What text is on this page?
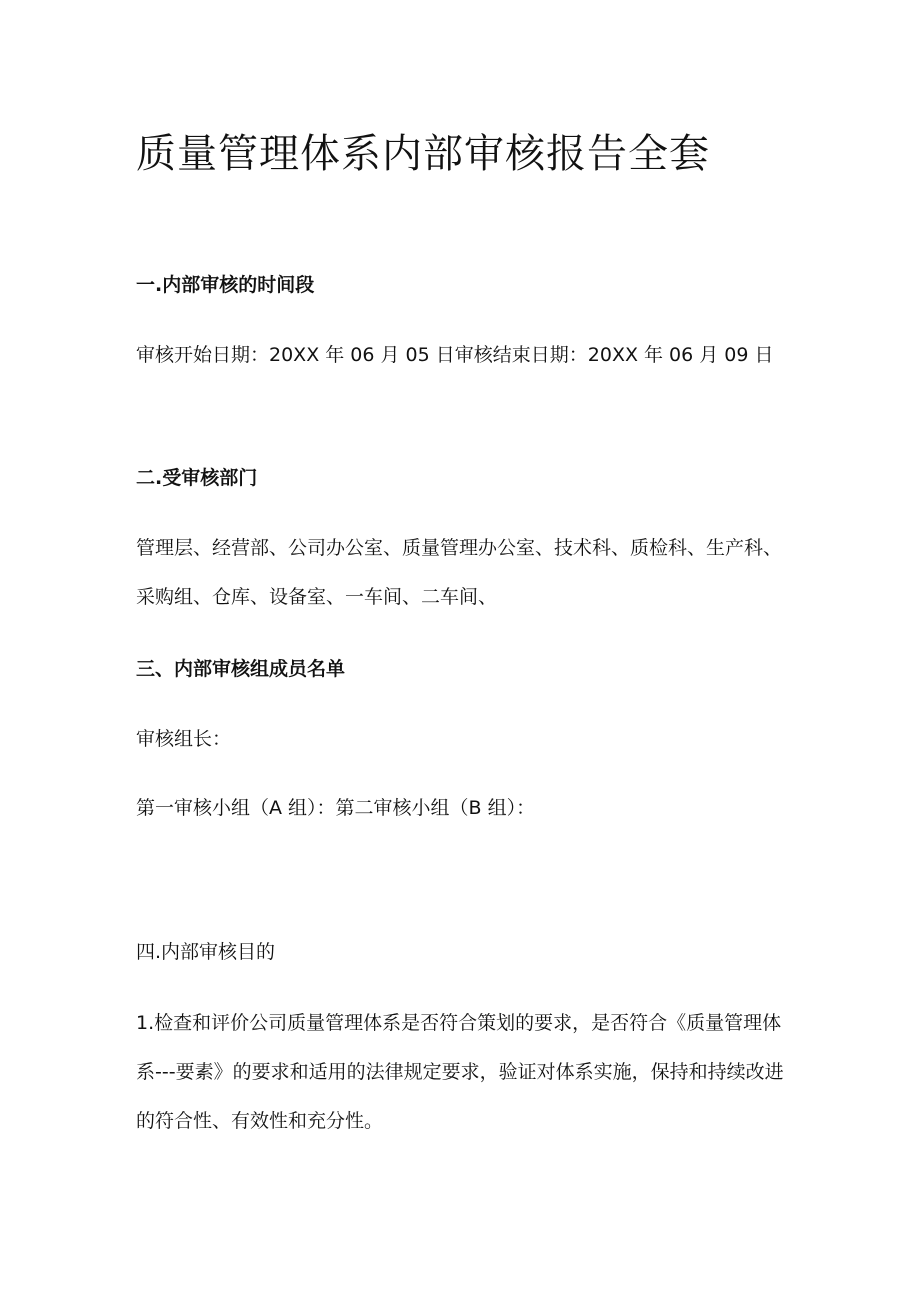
质量管理体系内部审核报告全套
一.内部审核的时间段

审核开始日期：20XX 年 06 月 05 日审核结束日期：20XX 年 06 月 09 日

二.受审核部门

管理层、经营部、公司办公室、质量管理办公室、技术科、质检科、生产科、采购组、仓库、设备室、一车间、二车间、

三、内部审核组成员名单

审核组长：

第一审核小组（A 组）：第二审核小组（B 组）：

四.内部审核目的

1.检查和评价公司质量管理体系是否符合策划的要求，是否符合《质量管理体系---要素》的要求和适用的法律规定要求，验证对体系实施，保持和持续改进的符合性、有效性和充分性。
